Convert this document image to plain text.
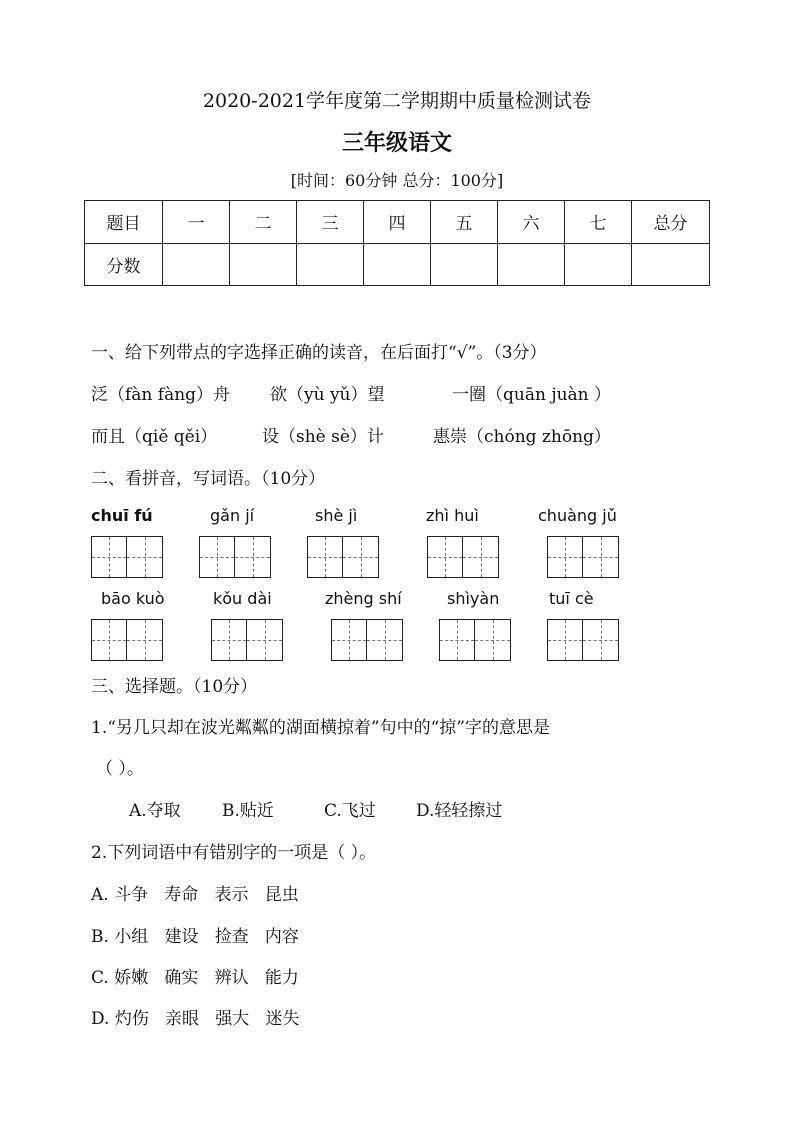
2020-2021学年度第二学期期中质量检测试卷
三年级语文
[时间：60分钟 总分：100分]
题目	一	二	三	四	五	六	七	总分
分数								
一、给下列带点的字选择正确的读音，在后面打“√”。（3分）
泛（fàn fàng）舟 欲（yù yǔ）望	一圈（quān juàn ）
而且（qiě qěi）	设（shè sè）计	惠崇（chóng zhōng）
二、看拼音，写词语。（10分）
chuī fú	gǎn jí	shè jì	zhì huì	chuàng jǔ
bāo kuò	kǒu dài	zhèng shí	shìyàn	tuī cè
三、选择题。（10分）
1.“另几只却在波光粼粼的湖面横掠着”句中的“掠”字的意思是
（ ）。
A.夺取 B.贴近	C.飞过 D.轻轻擦过
2.下列词语中有错别字的一项是（ ）。
A. 斗争   寿命   表示   昆虫
B. 小组   建设   捡查   内容
C. 娇嫩   确实   辨认   能力
D. 灼伤   亲眼   强大   迷失
